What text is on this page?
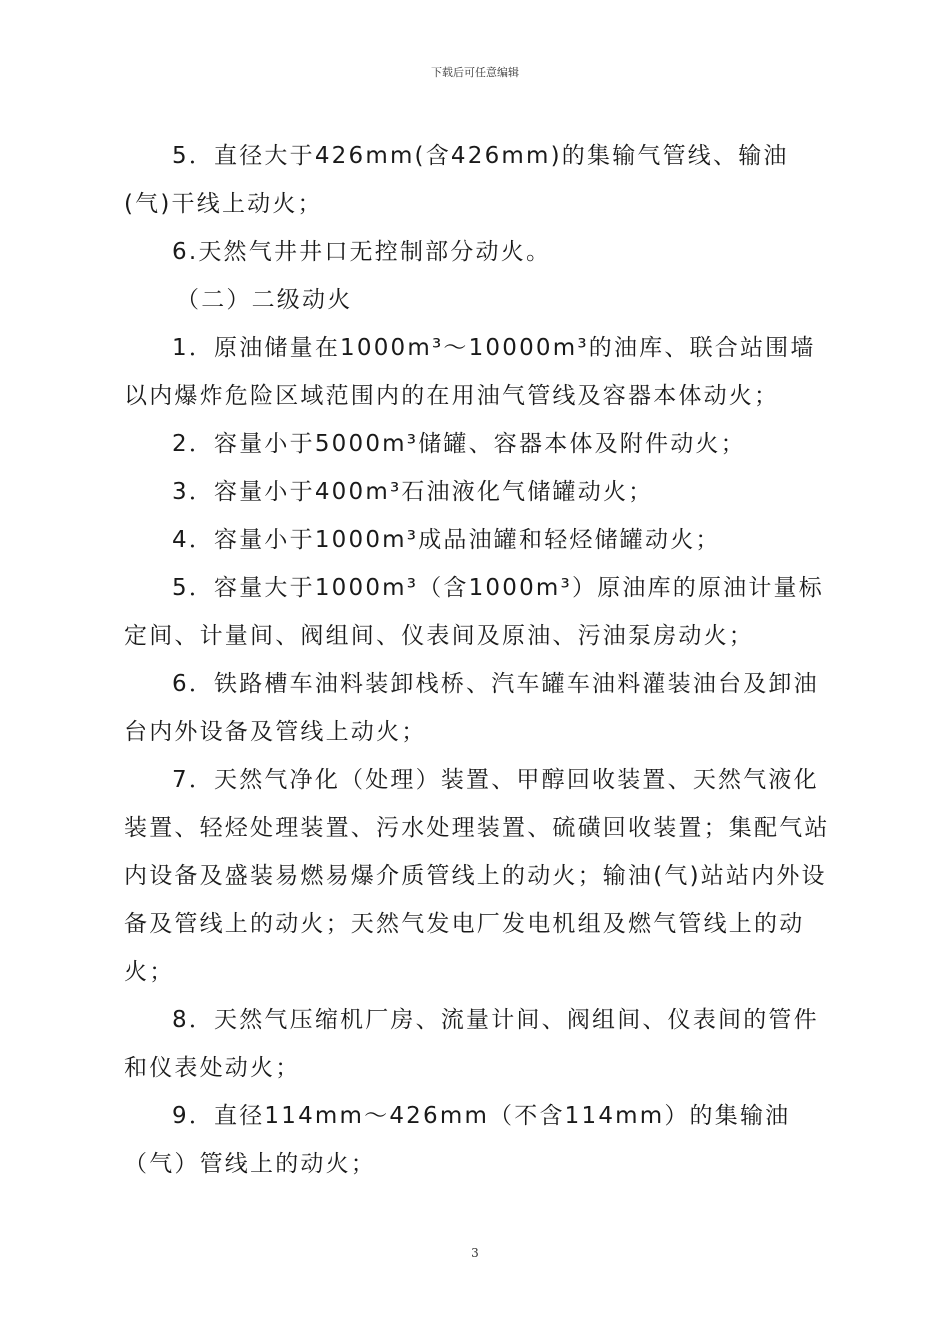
下载后可任意编辑

5．直径大于426mm(含426mm)的集输气管线、输油(气)干线上动火；

6.天然气井井口无控制部分动火。

（二）二级动火

1．原油储量在1000m³～10000m³的油库、联合站围墙以内爆炸危险区域范围内的在用油气管线及容器本体动火；

2．容量小于5000m³储罐、容器本体及附件动火；

3．容量小于400m³石油液化气储罐动火；

4．容量小于1000m³成品油罐和轻烃储罐动火；

5．容量大于1000m³（含1000m³）原油库的原油计量标定间、计量间、阀组间、仪表间及原油、污油泵房动火；

6．铁路槽车油料装卸栈桥、汽车罐车油料灌装油台及卸油台内外设备及管线上动火；

7．天然气净化（处理）装置、甲醇回收装置、天然气液化装置、轻烃处理装置、污水处理装置、硫磺回收装置；集配气站内设备及盛装易燃易爆介质管线上的动火；输油(气)站站内外设备及管线上的动火；天然气发电厂发电机组及燃气管线上的动火；

8．天然气压缩机厂房、流量计间、阀组间、仪表间的管件和仪表处动火；

9．直径114mm～426mm（不含114mm）的集输油（气）管线上的动火；

3
